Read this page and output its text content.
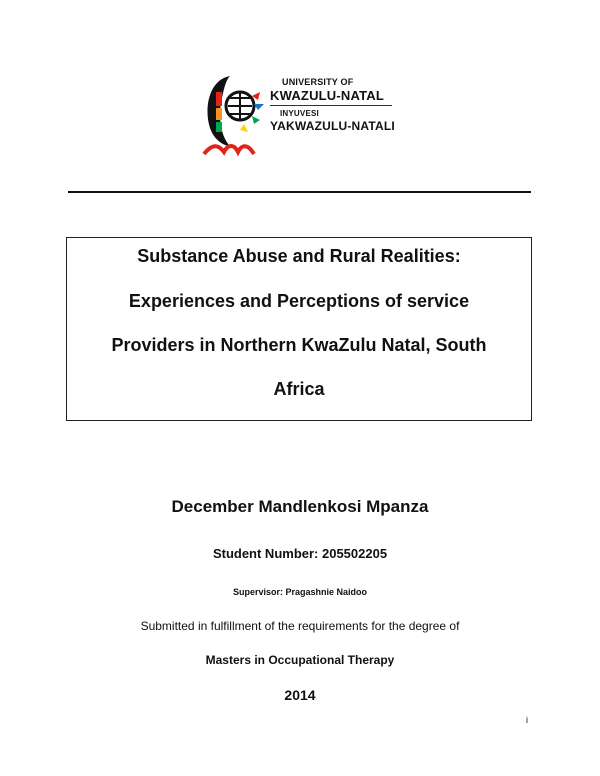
UNIVERSITY OF
KWAZULU-NATAL
INYUVESI
YAKWAZULU-NATALI
Substance Abuse and Rural Realities:
Experiences and Perceptions of service
Providers in Northern KwaZulu Natal, South
Africa
December Mandlenkosi Mpanza
Student Number: 205502205
Supervisor: Pragashnie Naidoo
Submitted in fulfillment of the requirements for the degree of
Masters in Occupational Therapy
2014
i
